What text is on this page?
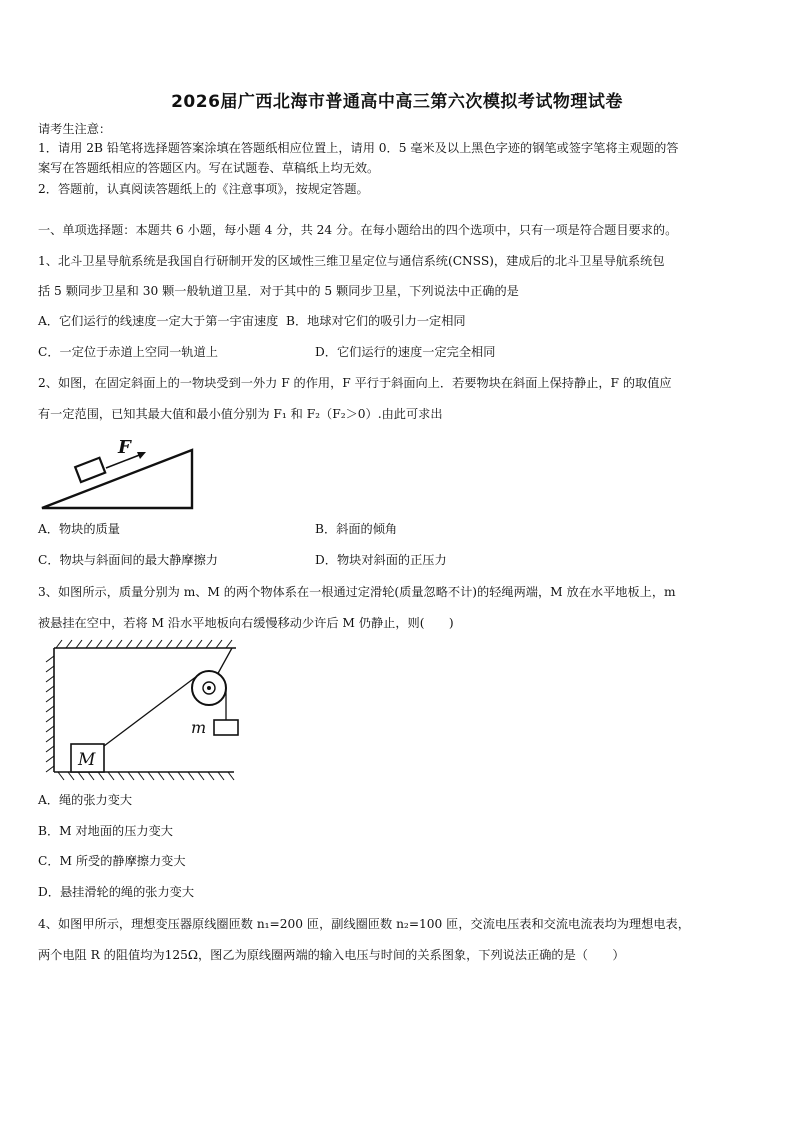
2026届广西北海市普通高中高三第六次模拟考试物理试卷
请考生注意：
1．请用 2B 铅笔将选择题答案涂填在答题纸相应位置上，请用 0．5 毫米及以上黑色字迹的钢笔或签字笔将主观题的答
案写在答题纸相应的答题区内。写在试题卷、草稿纸上均无效。
2．答题前，认真阅读答题纸上的《注意事项》，按规定答题。
一、单项选择题：本题共 6 小题，每小题 4 分，共 24 分。在每小题给出的四个选项中，只有一项是符合题目要求的。
1、北斗卫星导航系统是我国自行研制开发的区域性三维卫星定位与通信系统(CNSS)，建成后的北斗卫星导航系统包
括 5 颗同步卫星和 30 颗一般轨道卫星．对于其中的 5 颗同步卫星，下列说法中正确的是
A．它们运行的线速度一定大于第一宇宙速度 B．地球对它们的吸引力一定相同
C．一定位于赤道上空同一轨道上	D．它们运行的速度一定完全相同
2、如图，在固定斜面上的一物块受到一外力 F 的作用，F 平行于斜面向上．若要物块在斜面上保持静止，F 的取值应
有一定范围，已知其最大值和最小值分别为 F₁ 和 F₂（F₂＞0）.由此可求出
F
A．物块的质量	B．斜面的倾角
C．物块与斜面间的最大静摩擦力	D．物块对斜面的正压力
3、如图所示，质量分别为 m、M 的两个物体系在一根通过定滑轮(质量忽略不计)的轻绳两端，M 放在水平地板上，m
被悬挂在空中，若将 M 沿水平地板向右缓慢移动少许后 M 仍静止，则(　　)
m
M
A．绳的张力变大
B．M 对地面的压力变大
C．M 所受的静摩擦力变大
D．悬挂滑轮的绳的张力变大
4、如图甲所示，理想变压器原线圈匝数 n₁=200 匝，副线圈匝数 n₂=100 匝，交流电压表和交流电流表均为理想电表，
两个电阻 R 的阻值均为125Ω，图乙为原线圈两端的输入电压与时间的关系图象，下列说法正确的是（　　）
